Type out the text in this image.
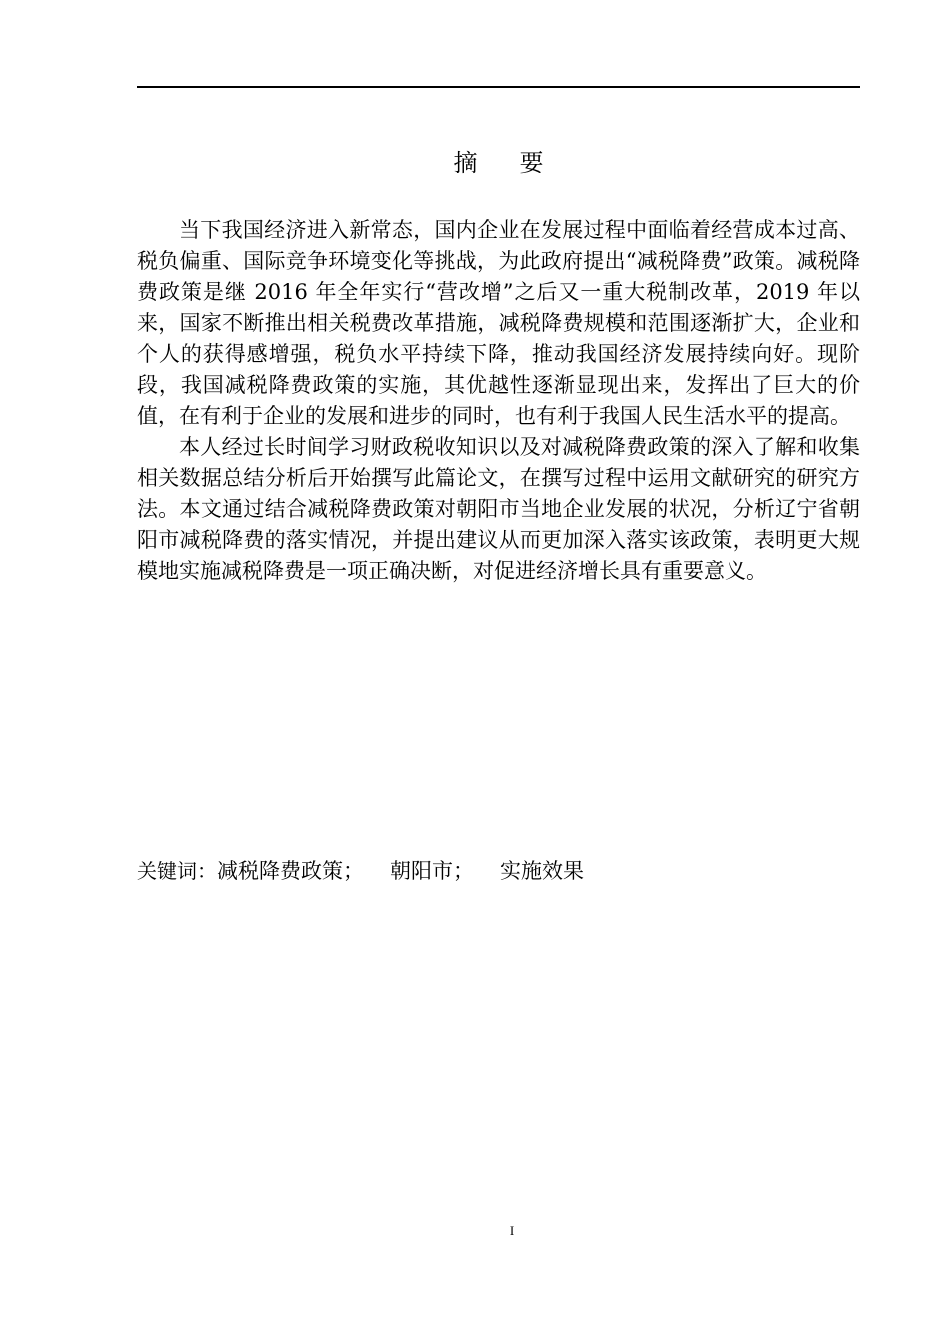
摘要

当下我国经济进入新常态，国内企业在发展过程中面临着经营成本过高、税负偏重、国际竞争环境变化等挑战，为此政府提出“减税降费”政策。减税降费政策是继 2016 年全年实行“营改增”之后又一重大税制改革，2019 年以来，国家不断推出相关税费改革措施，减税降费规模和范围逐渐扩大，企业和个人的获得感增强，税负水平持续下降，推动我国经济发展持续向好。现阶段，我国减税降费政策的实施，其优越性逐渐显现出来，发挥出了巨大的价值，在有利于企业的发展和进步的同时，也有利于我国人民生活水平的提高。

本人经过长时间学习财政税收知识以及对减税降费政策的深入了解和收集相关数据总结分析后开始撰写此篇论文，在撰写过程中运用文献研究的研究方法。本文通过结合减税降费政策对朝阳市当地企业发展的状况，分析辽宁省朝阳市减税降费的落实情况，并提出建议从而更加深入落实该政策，表明更大规模地实施减税降费是一项正确决断，对促进经济增长具有重要意义。

关键词：减税降费政策； 朝阳市； 实施效果
I
